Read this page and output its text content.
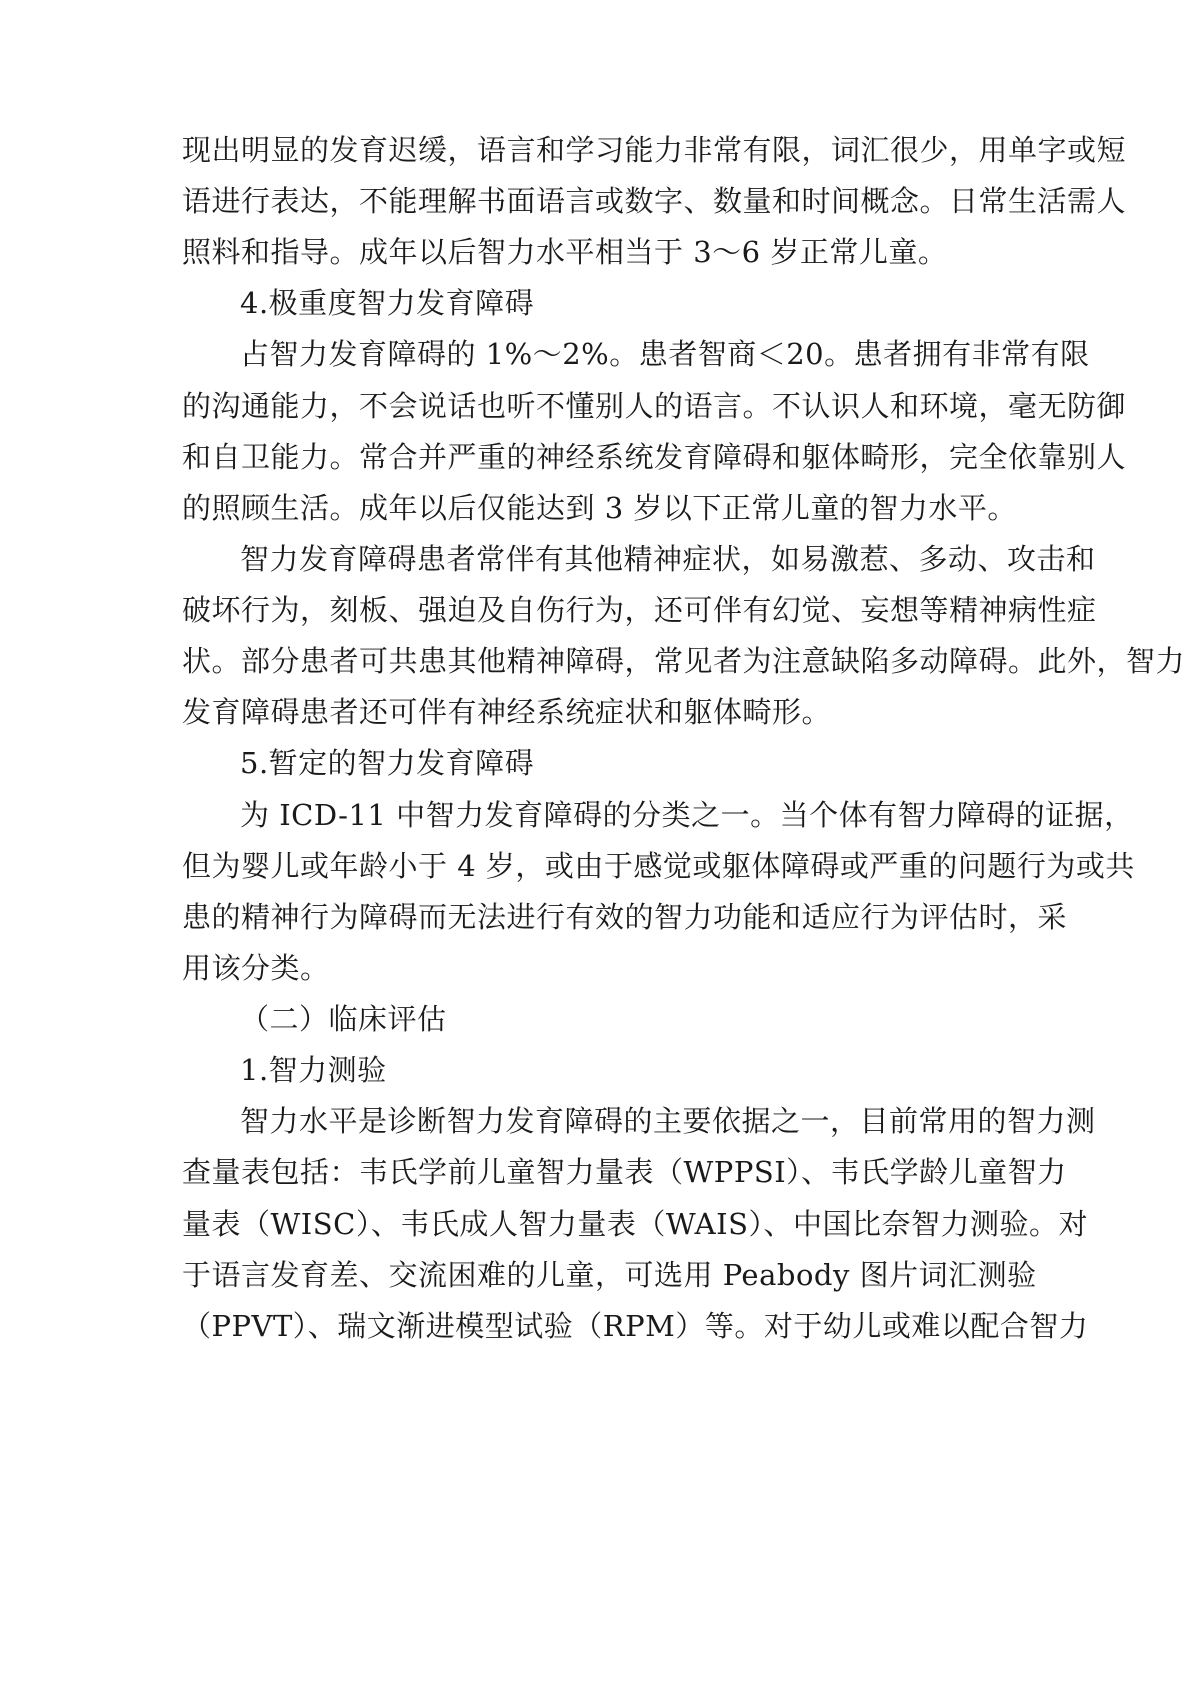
现出明显的发育迟缓，语言和学习能力非常有限，词汇很少，用单字或短
语进行表达，不能理解书面语言或数字、数量和时间概念。日常生活需人
照料和指导。成年以后智力水平相当于 3～6 岁正常儿童。
4.极重度智力发育障碍
占智力发育障碍的 1%～2%。患者智商＜20。患者拥有非常有限
的沟通能力，不会说话也听不懂别人的语言。不认识人和环境，毫无防御
和自卫能力。常合并严重的神经系统发育障碍和躯体畸形，完全依靠别人
的照顾生活。成年以后仅能达到 3 岁以下正常儿童的智力水平。
智力发育障碍患者常伴有其他精神症状，如易激惹、多动、攻击和
破坏行为，刻板、强迫及自伤行为，还可伴有幻觉、妄想等精神病性症
状。部分患者可共患其他精神障碍，常见者为注意缺陷多动障碍。此外，智力
发育障碍患者还可伴有神经系统症状和躯体畸形。
5.暂定的智力发育障碍
为 ICD-11 中智力发育障碍的分类之一。当个体有智力障碍的证据，
但为婴儿或年龄小于 4 岁，或由于感觉或躯体障碍或严重的问题行为或共
患的精神行为障碍而无法进行有效的智力功能和适应行为评估时，采
用该分类。
（二）临床评估
1.智力测验
智力水平是诊断智力发育障碍的主要依据之一，目前常用的智力测
查量表包括：韦氏学前儿童智力量表（WPPSI）、韦氏学龄儿童智力
量表（WISC）、韦氏成人智力量表（WAIS）、中国比奈智力测验。对
于语言发育差、交流困难的儿童，可选用 Peabody 图片词汇测验
（PPVT）、瑞文渐进模型试验（RPM）等。对于幼儿或难以配合智力
